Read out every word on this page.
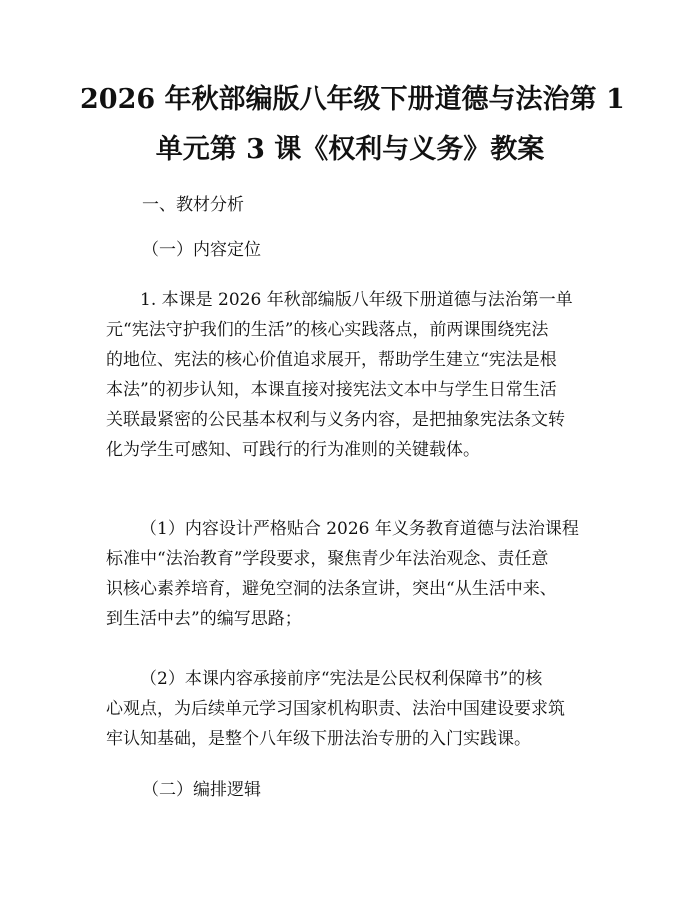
2026 年秋部编版八年级下册道德与法治第 1
单元第 3 课《权利与义务》教案
一、教材分析
（一）内容定位
1. 本课是 2026 年秋部编版八年级下册道德与法治第一单
元“宪法守护我们的生活”的核心实践落点，前两课围绕宪法
的地位、宪法的核心价值追求展开，帮助学生建立“宪法是根
本法”的初步认知，本课直接对接宪法文本中与学生日常生活
关联最紧密的公民基本权利与义务内容，是把抽象宪法条文转
化为学生可感知、可践行的行为准则的关键载体。
（1）内容设计严格贴合 2026 年义务教育道德与法治课程
标准中“法治教育”学段要求，聚焦青少年法治观念、责任意
识核心素养培育，避免空洞的法条宣讲，突出“从生活中来、
到生活中去”的编写思路；
（2）本课内容承接前序“宪法是公民权利保障书”的核
心观点，为后续单元学习国家机构职责、法治中国建设要求筑
牢认知基础，是整个八年级下册法治专册的入门实践课。
（二）编排逻辑
